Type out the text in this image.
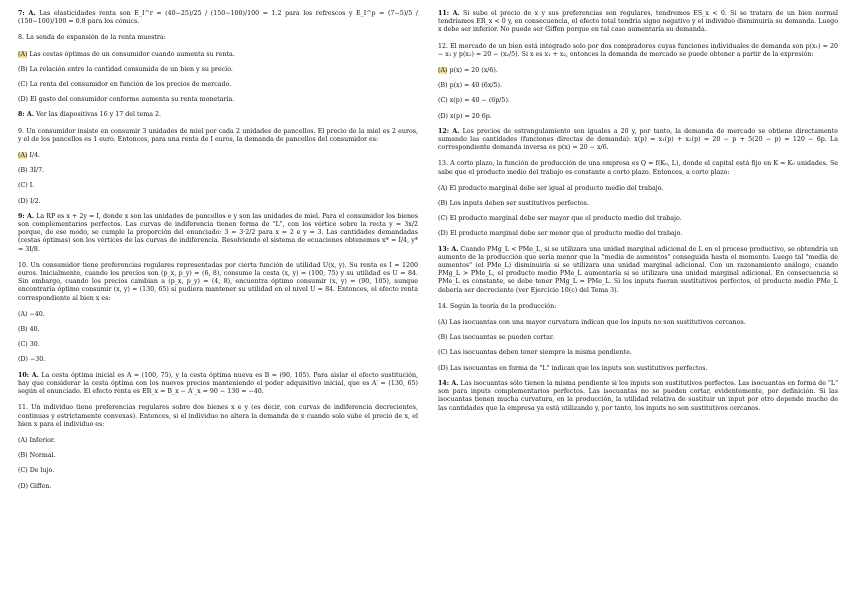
7: A. Las elasticidades renta son E_I^r = (40−25)/25 / (150−100)/100 = 1.2 para los refrescos y E_I^p = (7−5)/5 / (150−100)/100 = 0.8 para los cómics.
8. La senda de expansión de la renta muestra:
(A) Las cestas óptimas de un consumidor cuando aumenta su renta.
(B) La relación entre la cantidad consumida de un bien y su precio.
(C) La renta del consumidor en función de los precios de mercado.
(D) El gasto del consumidor conforme aumenta su renta monetaria.
8: A. Ver las diapositivas 16 y 17 del tema 2.
9. Un consumidor insiste en consumir 3 unidades de miel por cada 2 unidades de pancellos. El precio de la miel es 2 euros, y el de los pancellos es 1 euro. Entonces, para una renta de I euros, la demanda de pancellos del consumidor es:
(A) I/4.
(B) 3I/7.
(C) I.
(D) I/2.
9: A. La RP es x + 2y = I, donde x son las unidades de pancellos e y son las unidades de miel. Para el consumidor los bienes son complementarios perfectos. Las curvas de indiferencia tienen forma de "L", con los vértice sobre la recta y = 3x/2 porque, de ese modo, se cumple la proporción del enunciado: 3 = 3·2/2 para x = 2 e y = 3. Las cantidades demandadas (cestas óptimas) son los vértices de las curvas de indiferencia. Resolviendo el sistema de ecuaciones obtenemos x* = I/4, y* = 3I/8.
10. Un consumidor tiene preferencias regulares representadas por cierta función de utilidad U(x, y). Su renta es I = 1200 euros. Inicialmente, cuando los precios son (p_x, p_y) = (6, 8), consume la cesta (x, y) = (100, 75) y su utilidad es U = 84. Sin embargo, cuando los precios cambian a (p_x, p_y) = (4, 8), encuentra óptimo consumir (x, y) = (90, 105), aunque encontraría óptimo consumir (x, y) = (130, 65) si pudiera mantener su utilidad en el nivel U = 84. Entonces, el efecto renta correspondiente al bien x es:
(A) −40.
(B) 40.
(C) 30.
(D) −30.
10: A. La cesta óptima inicial es A = (100, 75), y la cesta óptima nueva es B = (90, 105). Para aislar el efecto sustitución, hay que considerar la cesta óptima con los nuevos precios manteniendo el poder adquisitivo inicial, que es A′ = (130, 65) según el enunciado. El efecto renta es ER_x = B_x − A′_x = 90 − 130 = −40.
11. Un individuo tiene preferencias regulares sobre dos bienes x e y (es decir, con curvas de indiferencia decrecientes, continuas y estrictamente convexas). Entonces, si el individuo no altera la demanda de x cuando solo sube el precio de x, el bien x para el individuo es:
(A) Inferior.
(B) Normal.
(C) De lujo.
(D) Giffen.
11: A. Si sube el precio de x y sus preferencias son regulares, tendremos ES_x < 0. Si se tratara de un bien normal tendríamos ER_x < 0 y, en consecuencia, el efecto total tendría signo negativo y el individuo disminuiría su demanda. Luego x debe ser inferior. No puede ser Giffen porque en tal caso aumentaría su demanda.
12. El mercado de un bien está integrado solo por dos compradores cuyas funciones individuales de demanda son p(x₁) = 20 − x₁ y p(x₂) = 20 − (x₂/5). Si x es x₁ + x₂, entonces la demanda de mercado se puede obtener a partir de la expresión:
(A) p(x) = 20 (x/6).
(B) p(x) = 40 (6x/5).
(C) x(p) = 40 − (6p/5).
(D) x(p) = 20 6p.
12: A. Los precios de estrangulamiento son iguales a 20 y, por tanto, la demanda de mercado se obtiene directamente sumando las cantidades (funciones directas de demanda): x(p) = x₁(p) + x₂(p) = 20 − p + 5(20 − p) = 120 − 6p. La correspondiente demanda inversa es p(x) = 20 − x/6.
13. A corto plazo, la función de producción de una empresa es Q = f(K₀, L), donde el capital está fijo en K = K₀ unidades. Se sabe que el producto medio del trabajo es constante a corto plazo. Entonces, a corto plazo:
(A) El producto marginal debe ser igual al producto medio del trabajo.
(B) Los inputs deben ser sustitutivos perfectos.
(C) El producto marginal debe ser mayor que el producto medio del trabajo.
(D) El producto marginal debe ser menor que el producto medio del trabajo.
13: A. Cuando PMg_L < PMe_L, si se utilizara una unidad marginal adicional de L en el proceso productivo, se obtendría un aumento de la producción que sería menor que la "media de aumentos" conseguida hasta el momento. Luego tal "media de aumentos" (el PMe_L) disminuiría si se utilizara una unidad marginal adicional. Con un razonamiento análogo, cuando PMg_L > PMe_L, el producto medio PMe_L aumentaría si se utilizara una unidad marginal adicional. En consecuencia si PMe_L es constante, se debe tener PMg_L = PMe_L. Si los inputs fueran sustitutivos perfectos, el producto medio PMe_L debería ser decreciente (ver Ejercicio 10(c) del Tema 3).
14. Según la teoría de la producción:
(A) Las isocuantas con una mayor curvatura indican que los inputs no son sustitutivos cercanos.
(B) Las isocuantas se pueden cortar.
(C) Las isocuantas deben tener siempre la misma pendiente.
(D) Las isocuantas en forma de "L" indican que los inputs son sustitutivos perfectos.
14: A. Las isocuantas sólo tienen la misma pendiente si los inputs son sustitutivos perfectos. Las isocuantas en forma de "L" son para inputs complementarios perfectos. Las isocuantas no se pueden cortar, evidentemente, por definición. Si las isocuantas tienen mucha curvatura, en la producción, la utilidad relativa de sustituir un input por otro depende mucho de las cantidades que la empresa ya está utilizando y, por tanto, los inputs no son sustitutivos cercanos.
